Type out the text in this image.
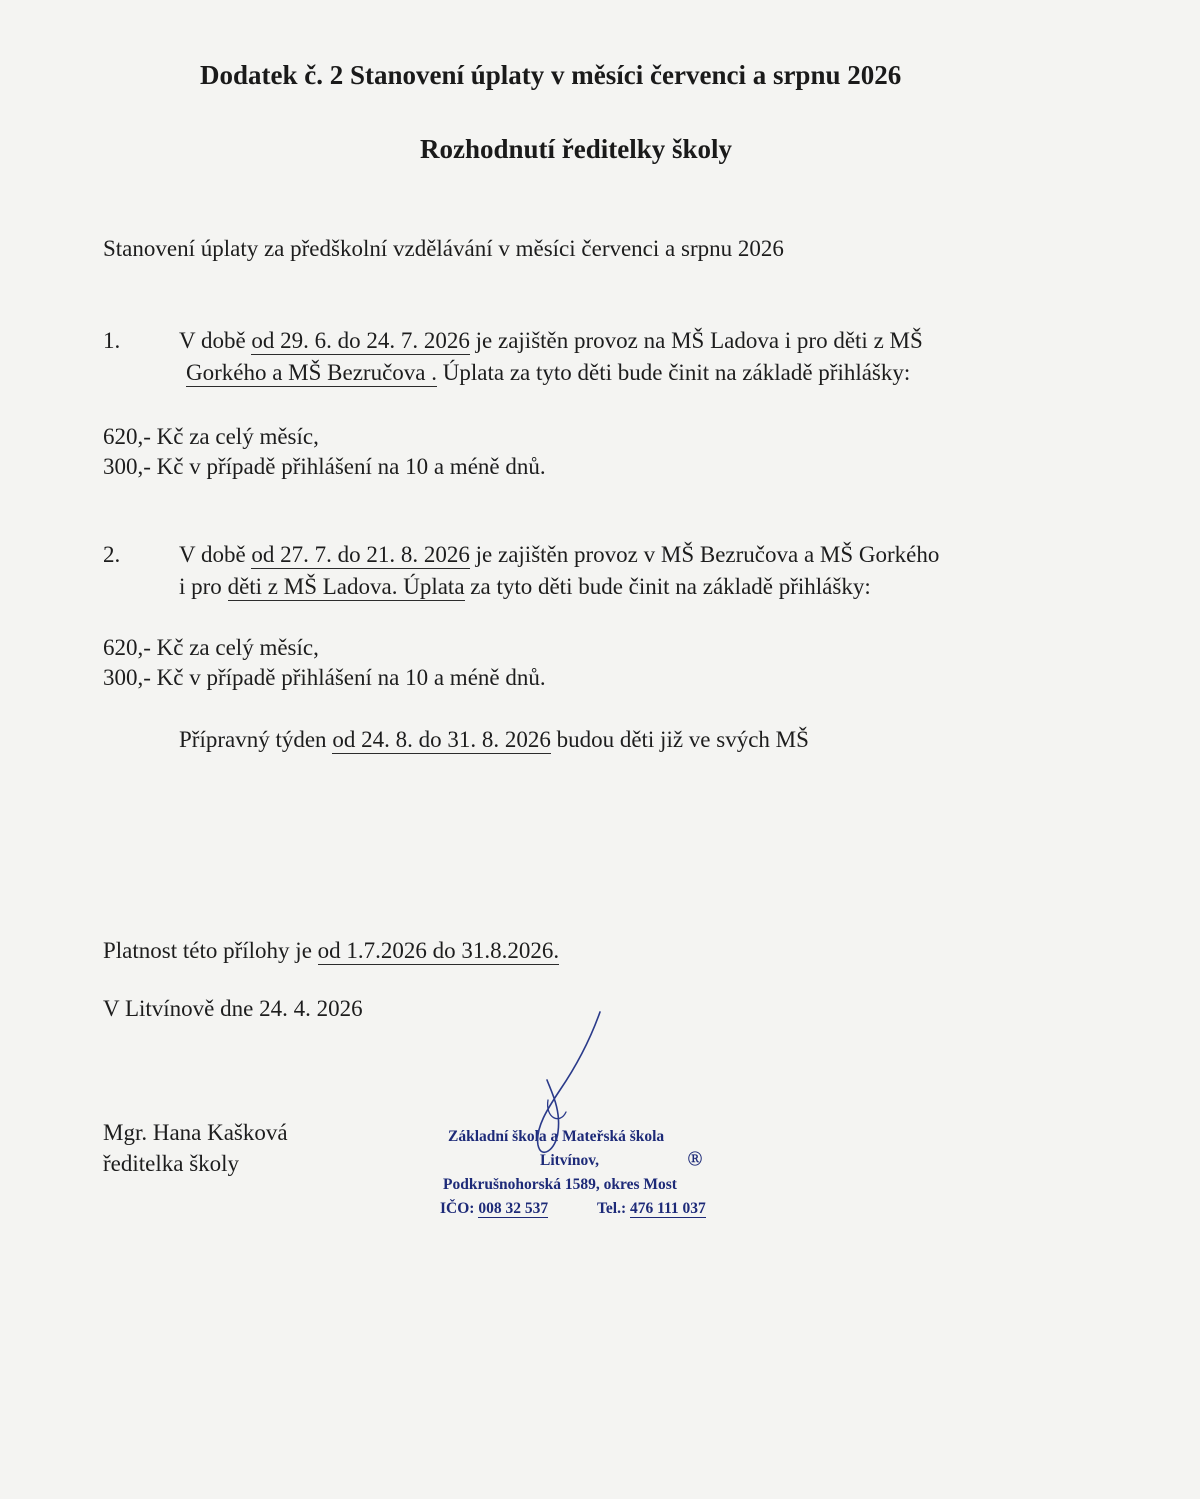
Dodatek č. 2 Stanovení úplaty v měsíci červenci a srpnu 2026
Rozhodnutí ředitelky školy
Stanovení úplaty za předškolní vzdělávání v měsíci červenci a srpnu 2026
1.	V době od 29. 6. do 24. 7. 2026 je zajištěn provoz na MŠ Ladova i pro děti z MŠ
Gorkého a MŠ Bezručova . Úplata za tyto děti bude činit na základě přihlášky:
620,- Kč za celý měsíc,
300,- Kč v případě přihlášení na 10 a méně dnů.
2.	V době od 27. 7. do 21. 8. 2026 je zajištěn provoz v MŠ Bezručova a MŠ Gorkého
i pro děti z MŠ Ladova. Úplata za tyto děti bude činit na základě přihlášky:
620,- Kč za celý měsíc,
300,- Kč v případě přihlášení na 10 a méně dnů.
Přípravný týden od 24. 8. do 31. 8. 2026 budou děti již ve svých MŠ
Platnost této přílohy je od 1.7.2026 do 31.8.2026.
V Litvínově dne 24. 4. 2026
Mgr. Hana Kašková
ředitelka školy
Základní škola a Mateřská škola
Litvínov,	Ⓡ
Podkrušnohorská 1589, okres Most
IČO: 008 32 537	Tel.: 476 111 037
